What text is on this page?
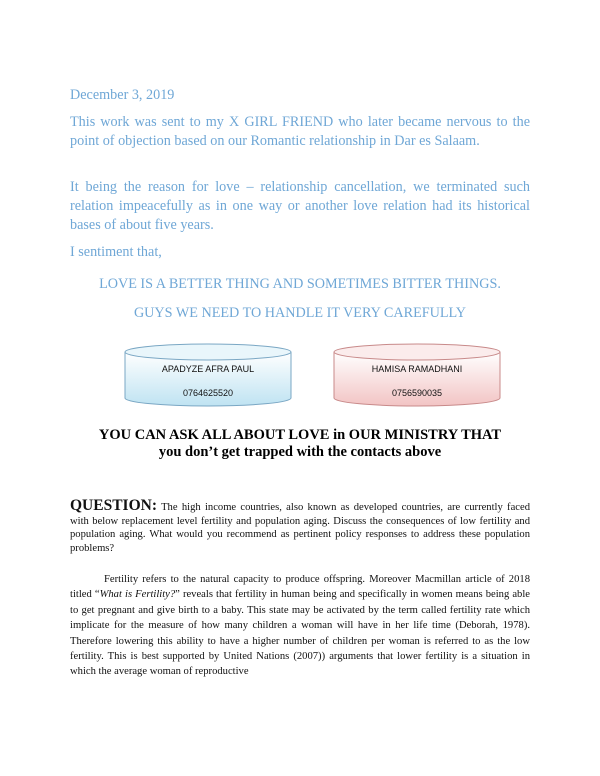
December 3, 2019

This work was sent to my X GIRL FRIEND who later became nervous to the point of objection based on our Romantic relationship in Dar es Salaam.

It being the reason for love – relationship cancellation, we terminated such relation impeacefully as in one way or another love relation had its historical bases of about five years.

I sentiment that,

LOVE IS A BETTER THING AND SOMETIMES BITTER THINGS.

GUYS WE NEED TO HANDLE IT VERY CAREFULLY

APADYZE AFRA PAUL
0764625520
HAMISA RAMADHANI
0756590035

YOU CAN ASK ALL ABOUT LOVE in OUR MINISTRY THAT

you don’t get trapped with the contacts above

QUESTION: The high income countries, also known as developed countries, are currently faced with below replacement level fertility and population aging. Discuss the consequences of low fertility and population aging. What would you recommend as pertinent policy responses to address these population problems?

Fertility refers to the natural capacity to produce offspring. Moreover Macmillan article of 2018 titled “What is Fertility?” reveals that fertility in human being and specifically in women means being able to get pregnant and give birth to a baby. This state may be activated by the term called fertility rate which implicate for the measure of how many children a woman will have in her life time (Deborah, 1978). Therefore lowering this ability to have a higher number of children per woman is referred to as the low fertility. This is best supported by United Nations (2007)) arguments that lower fertility is a situation in which the average woman of reproductive
